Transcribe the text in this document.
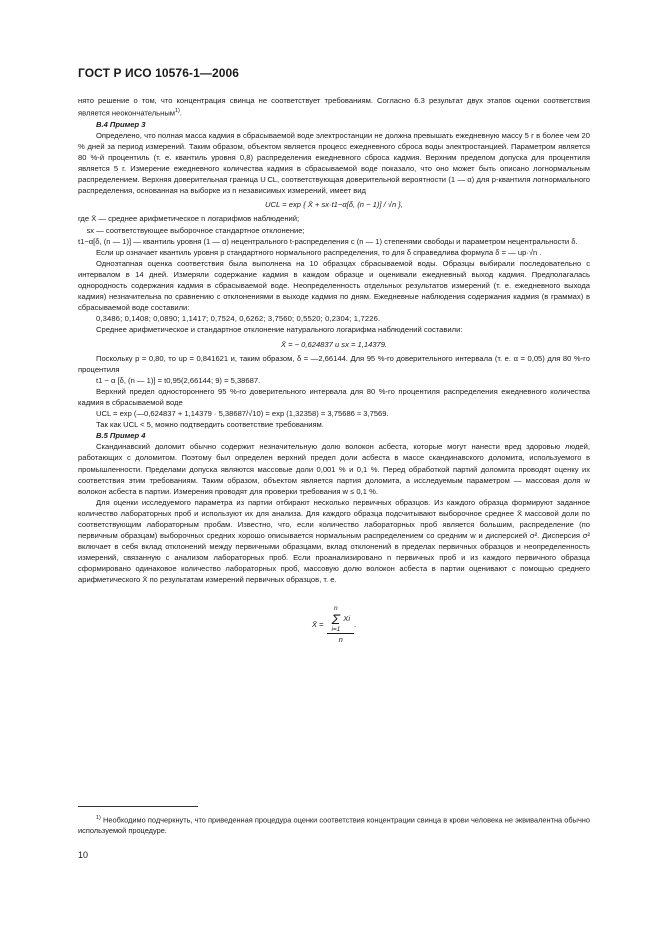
ГОСТ Р ИСО 10576-1—2006

нято решение о том, что концентрация свинца не соответствует требованиям. Согласно 6.3 результат двух этапов оценки соответствия является неокончательным$^{1)}$.

В.4 Пример 3

Определено, что полная масса кадмия в сбрасываемой воде электростанции не должна превышать ежедневную массу 5 г в более чем 20 % дней за период измерений. Таким образом, объектом является процесс ежедневного сброса воды электростанцией. Параметром является 80 %-й процентиль (т. е. квантиль уровня 0,8) распределения ежедневного сброса кадмия. Верхним пределом допуска для процентиля является 5 г. Измерение ежедневного количества кадмия в сбрасываемой воде показало, что оно может быть описано логнормальным распределением. Верхняя доверительная граница U CL, соответствующая доверительной вероятности (1 — α) для p-квантиля логнормального распределения, основанная на выборке из n независимых измерений, имеет вид

UCL = exp { X̄ + sx·t1−α[δ, (n − 1)] / √n },

где X̄ — среднее арифметическое n логарифмов наблюдений;
sx — соответствующее выборочное стандартное отклонение;
t1−α[δ, (n — 1)] — квантиль уровня (1 — α) нецентрального t-распределения с (n — 1) степенями свободы и параметром нецентральности δ.

Если up означает квантиль уровня p стандартного нормального распределения, то для δ справедлива формула δ = — up·√n .

Одноэтапная оценка соответствия была выполнена на 10 образцах сбрасываемой воды. Образцы выбирали последовательно с интервалом в 14 дней. Измеряли содержание кадмия в каждом образце и оценивали ежедневный выход кадмия. Предполагалась однородность содержания кадмия в сбрасываемой воде. Неопределенность отдельных результатов измерений (т. е. ежедневного выхода кадмия) незначительна по сравнению с отклонениями в выходе кадмия по дням. Ежедневные наблюдения содержания кадмия (в граммах) в сбрасываемой воде составили:

0,3486; 0,1408; 0,0890; 1,1417; 0,7524, 0,6262; 3,7560; 0,5520; 0,2304; 1,7226.

Среднее арифметическое и стандартное отклонение натурального логарифма наблюдений составили:

X̄ = − 0,624837 и sx = 1,14379.

Поскольку p = 0,80, то up = 0,841621 и, таким образом, δ = —2,66144. Для 95 %-го доверительного интервала (т. е. α = 0,05) для 80 %-го процентиля

t1 − α [δ, (n — 1)] = t0,95(2,66144; 9) = 5,38687.

Верхний предел одностороннего 95 %-го доверительного интервала для 80 %-го процентиля распределения ежедневного количества кадмия в сбрасываемой воде

UCL = exp (—0,624837 + 1,14379 · 5,38687/√10) = exp (1,32358) = 3,75686 ≈ 3,7569.

Так как UCL < 5, можно подтвердить соответствие требованиям.

В.5 Пример 4

Скандинавский доломит обычно содержит незначительную долю волокон асбеста, которые могут нанести вред здоровью людей, работающих с доломитом. Поэтому был определен верхний предел доли асбеста в массе скандинавского доломита, используемого в промышленности. Пределами допуска являются массовые доли 0,001 % и 0,1 %. Перед обработкой партий доломита проводят оценку их соответствия этим требованиям. Таким образом, объектом является партия доломита, а исследуемым параметром — массовая доля w волокон асбеста в партии. Измерения проводят для проверки требования w ≤ 0,1 %.

Для оценки исследуемого параметра из партии отбирают несколько первичных образцов. Из каждого образца формируют заданное количество лабораторных проб и используют их для анализа. Для каждого образца подсчитывают выборочное среднее X̄ массовой доли по соответствующим лабораторным пробам. Известно, что, если количество лабораторных проб является большим, распределение (по первичным образцам) выборочных средних хорошо описывается нормальным распределением со средним w и дисперсией σ². Дисперсия σ² включает в себя вклад отклонений между первичными образцами, вклад отклонений в пределах первичных образцов и неопределенность измерений, связанную с анализом лабораторных проб. Если проанализировано n первичных проб и из каждого первичного образца сформировано одинаковое количество лабораторных проб, массовую долю волокон асбеста в партии оценивают с помощью среднего арифметического X̄ по результатам измерений первичных образцов, т. е.

X̄ = n
Σ
i=1
Xi
n .
$^{1)}$ Необходимо подчеркнуть, что приведенная процедура оценки соответствия концентрации свинца в крови человека не эквивалентна обычно используемой процедуре.
10
